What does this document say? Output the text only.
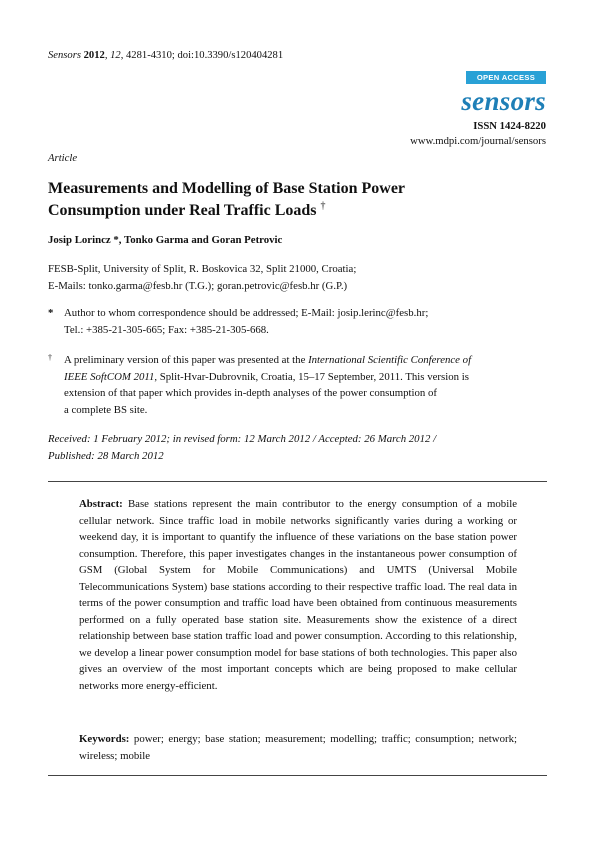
Sensors 2012, 12, 4281-4310; doi:10.3390/s120404281
OPEN ACCESS
sensors
ISSN 1424-8220
www.mdpi.com/journal/sensors
Article
Measurements and Modelling of Base Station Power Consumption under Real Traffic Loads †
Josip Lorincz *, Tonko Garma and Goran Petrovic
FESB-Split, University of Split, R. Boskovica 32, Split 21000, Croatia;
E-Mails: tonko.garma@fesb.hr (T.G.); goran.petrovic@fesb.hr (G.P.)
* Author to whom correspondence should be addressed; E-Mail: josip.lerinc@fesb.hr;
Tel.: +385-21-305-665; Fax: +385-21-305-668.
† A preliminary version of this paper was presented at the International Scientific Conference of
IEEE SoftCOM 2011, Split-Hvar-Dubrovnik, Croatia, 15–17 September, 2011. This version is
extension of that paper which provides in-depth analyses of the power consumption of
a complete BS site.
Received: 1 February 2012; in revised form: 12 March 2012 / Accepted: 26 March 2012 /
Published: 28 March 2012
Abstract: Base stations represent the main contributor to the energy consumption of a mobile cellular network. Since traffic load in mobile networks significantly varies during a working or weekend day, it is important to quantify the influence of these variations on the base station power consumption. Therefore, this paper investigates changes in the instantaneous power consumption of GSM (Global System for Mobile Communications) and UMTS (Universal Mobile Telecommunications System) base stations according to their respective traffic load. The real data in terms of the power consumption and traffic load have been obtained from continuous measurements performed on a fully operated base station site. Measurements show the existence of a direct relationship between base station traffic load and power consumption. According to this relationship, we develop a linear power consumption model for base stations of both technologies. This paper also gives an overview of the most important concepts which are being proposed to make cellular networks more energy-efficient.
Keywords: power; energy; base station; measurement; modelling; traffic; consumption; network; wireless; mobile
